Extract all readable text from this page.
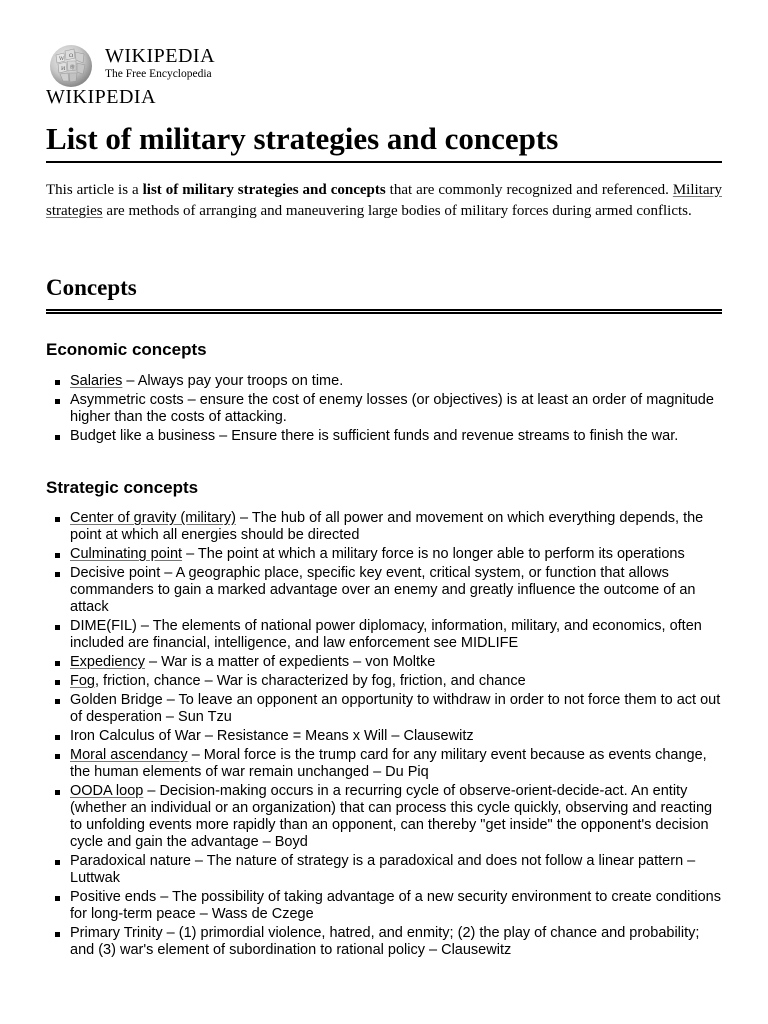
W Ω
И 维
WIKIPEDIA
The Free Encyclopedia
WIKIPEDIA
List of military strategies and concepts

This article is a list of military strategies and concepts that are commonly recognized and referenced. Military strategies are methods of arranging and maneuvering large bodies of military forces during armed conflicts.

Concepts
Economic concepts
Salaries – Always pay your troops on time.
Asymmetric costs – ensure the cost of enemy losses (or objectives) is at least an order of magnitude higher than the costs of attacking.
Budget like a business – Ensure there is sufficient funds and revenue streams to finish the war.
Strategic concepts
Center of gravity (military) – The hub of all power and movement on which everything depends, the point at which all energies should be directed
Culminating point – The point at which a military force is no longer able to perform its operations
Decisive point – A geographic place, specific key event, critical system, or function that allows commanders to gain a marked advantage over an enemy and greatly influence the outcome of an attack
DIME(FIL) – The elements of national power diplomacy, information, military, and economics, often included are financial, intelligence, and law enforcement see MIDLIFE
Expediency – War is a matter of expedients – von Moltke
Fog, friction, chance – War is characterized by fog, friction, and chance
Golden Bridge – To leave an opponent an opportunity to withdraw in order to not force them to act out of desperation – Sun Tzu
Iron Calculus of War – Resistance = Means x Will – Clausewitz
Moral ascendancy – Moral force is the trump card for any military event because as events change, the human elements of war remain unchanged – Du Piq
OODA loop – Decision-making occurs in a recurring cycle of observe-orient-decide-act. An entity (whether an individual or an organization) that can process this cycle quickly, observing and reacting to unfolding events more rapidly than an opponent, can thereby "get inside" the opponent's decision cycle and gain the advantage – Boyd
Paradoxical nature – The nature of strategy is a paradoxical and does not follow a linear pattern – Luttwak
Positive ends – The possibility of taking advantage of a new security environment to create conditions for long-term peace – Wass de Czege
Primary Trinity – (1) primordial violence, hatred, and enmity; (2) the play of chance and probability; and (3) war's element of subordination to rational policy – Clausewitz
